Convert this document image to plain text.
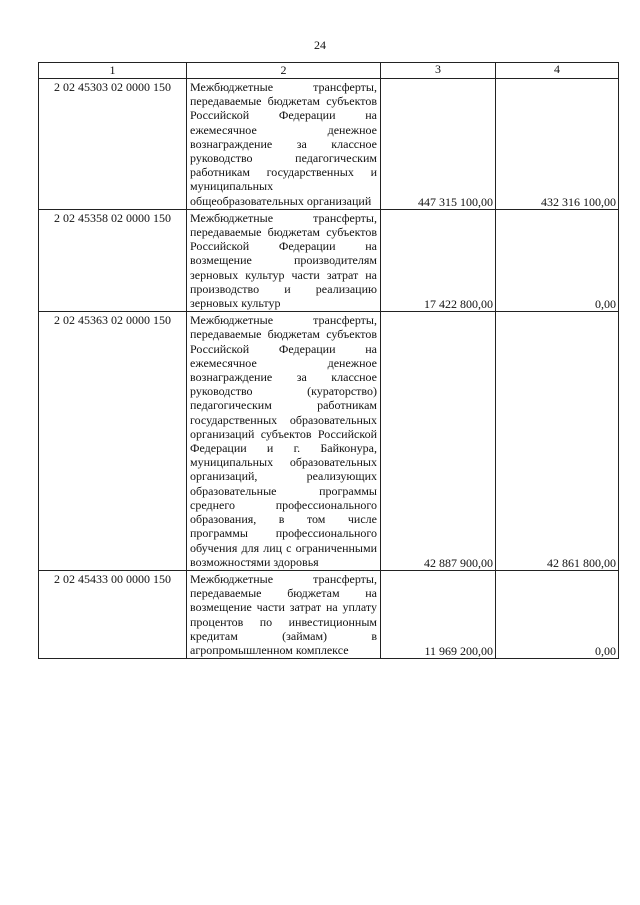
24
1	2	3	4
2 02 45303 02 0000 150	Межбюджетные трансферты, передаваемые бюджетам субъектов Российской Федерации на ежемесячное денежное вознаграждение за классное руководство педагогическим работникам государственных и муниципальных общеобразовательных организаций	447 315 100,00	432 316 100,00
2 02 45358 02 0000 150	Межбюджетные трансферты, передаваемые бюджетам субъектов Российской Федерации на возмещение производителям зерновых культур части затрат на производство и реализацию зерновых культур	17 422 800,00	0,00
2 02 45363 02 0000 150	Межбюджетные трансферты, передаваемые бюджетам субъектов Российской Федерации на ежемесячное денежное вознаграждение за классное руководство (кураторство) педагогическим работникам государственных образовательных организаций субъектов Российской Федерации и г. Байконура, муниципальных образовательных организаций, реализующих образовательные программы среднего профессионального образования, в том числе программы профессионального обучения для лиц с ограниченными возможностями здоровья	42 887 900,00	42 861 800,00
2 02 45433 00 0000 150	Межбюджетные трансферты, передаваемые бюджетам на возмещение части затрат на уплату процентов по инвестиционным кредитам (займам) в агропромышленном комплексе	11 969 200,00	0,00
